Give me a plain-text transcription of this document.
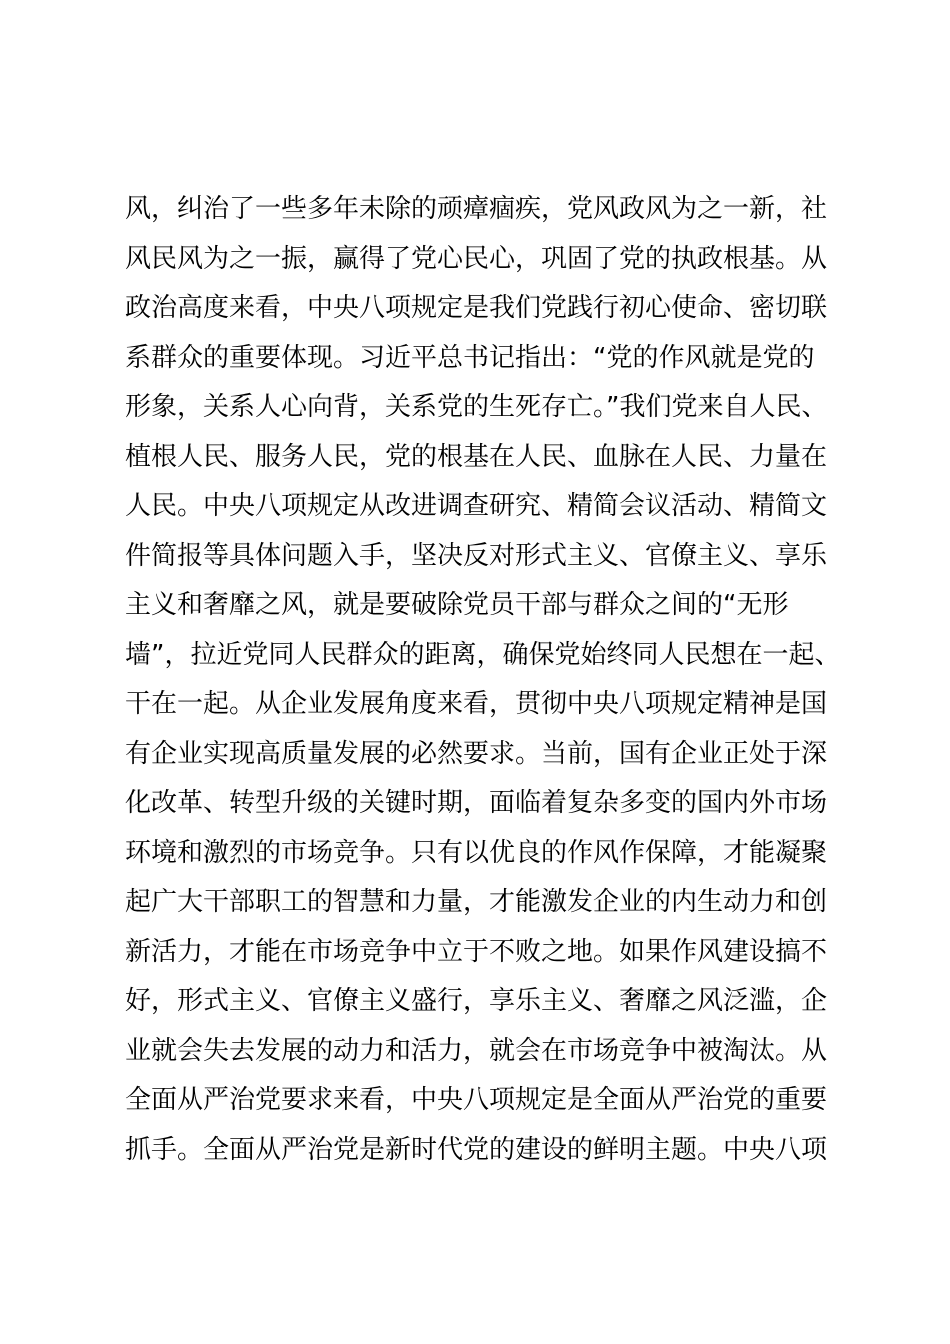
风，纠治了一些多年未除的顽瘴痼疾，党风政风为之一新，社
风民风为之一振，赢得了党心民心，巩固了党的执政根基。从
政治高度来看，中央八项规定是我们党践行初心使命、密切联
系群众的重要体现。习近平总书记指出：“党的作风就是党的
形象，关系人心向背，关系党的生死存亡。”我们党来自人民、
植根人民、服务人民，党的根基在人民、血脉在人民、力量在
人民。中央八项规定从改进调查研究、精简会议活动、精简文
件简报等具体问题入手，坚决反对形式主义、官僚主义、享乐
主义和奢靡之风，就是要破除党员干部与群众之间的“无形
墙”，拉近党同人民群众的距离，确保党始终同人民想在一起、
干在一起。从企业发展角度来看，贯彻中央八项规定精神是国
有企业实现高质量发展的必然要求。当前，国有企业正处于深
化改革、转型升级的关键时期，面临着复杂多变的国内外市场
环境和激烈的市场竞争。只有以优良的作风作保障，才能凝聚
起广大干部职工的智慧和力量，才能激发企业的内生动力和创
新活力，才能在市场竞争中立于不败之地。如果作风建设搞不
好，形式主义、官僚主义盛行，享乐主义、奢靡之风泛滥，企
业就会失去发展的动力和活力，就会在市场竞争中被淘汰。从
全面从严治党要求来看，中央八项规定是全面从严治党的重要
抓手。全面从严治党是新时代党的建设的鲜明主题。中央八项
